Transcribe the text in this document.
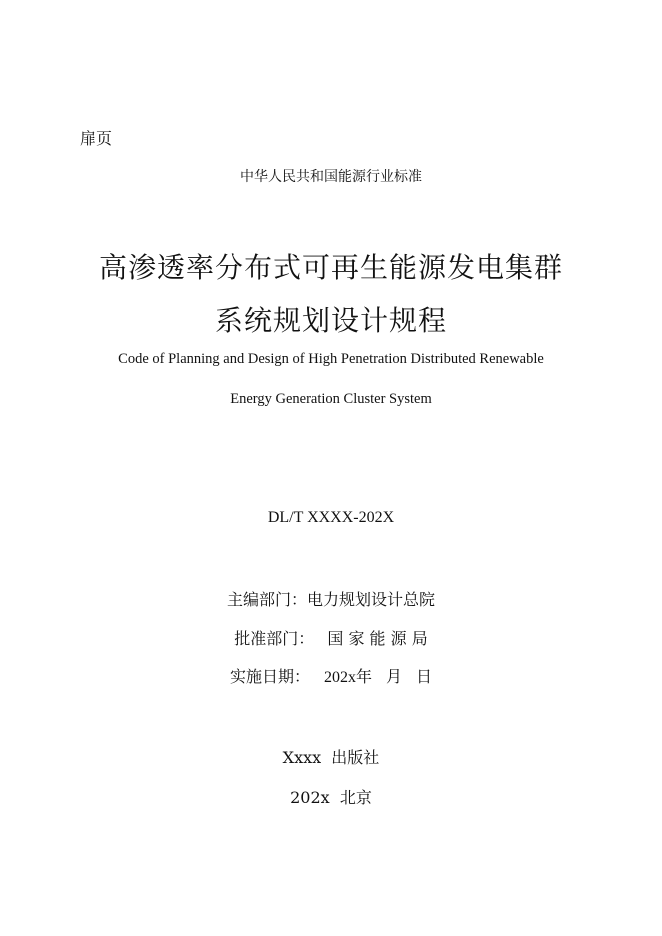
扉页
中华人民共和国能源行业标准
高渗透率分布式可再生能源发电集群
系统规划设计规程
Code of Planning and Design of High Penetration Distributed Renewable
Energy Generation Cluster System
DL/T XXXX-202X
主编部门：电力规划设计总院
批准部门： 国 家 能 源 局
实施日期： 202x年 月 日
Xxxx  出版社
202x  北京
